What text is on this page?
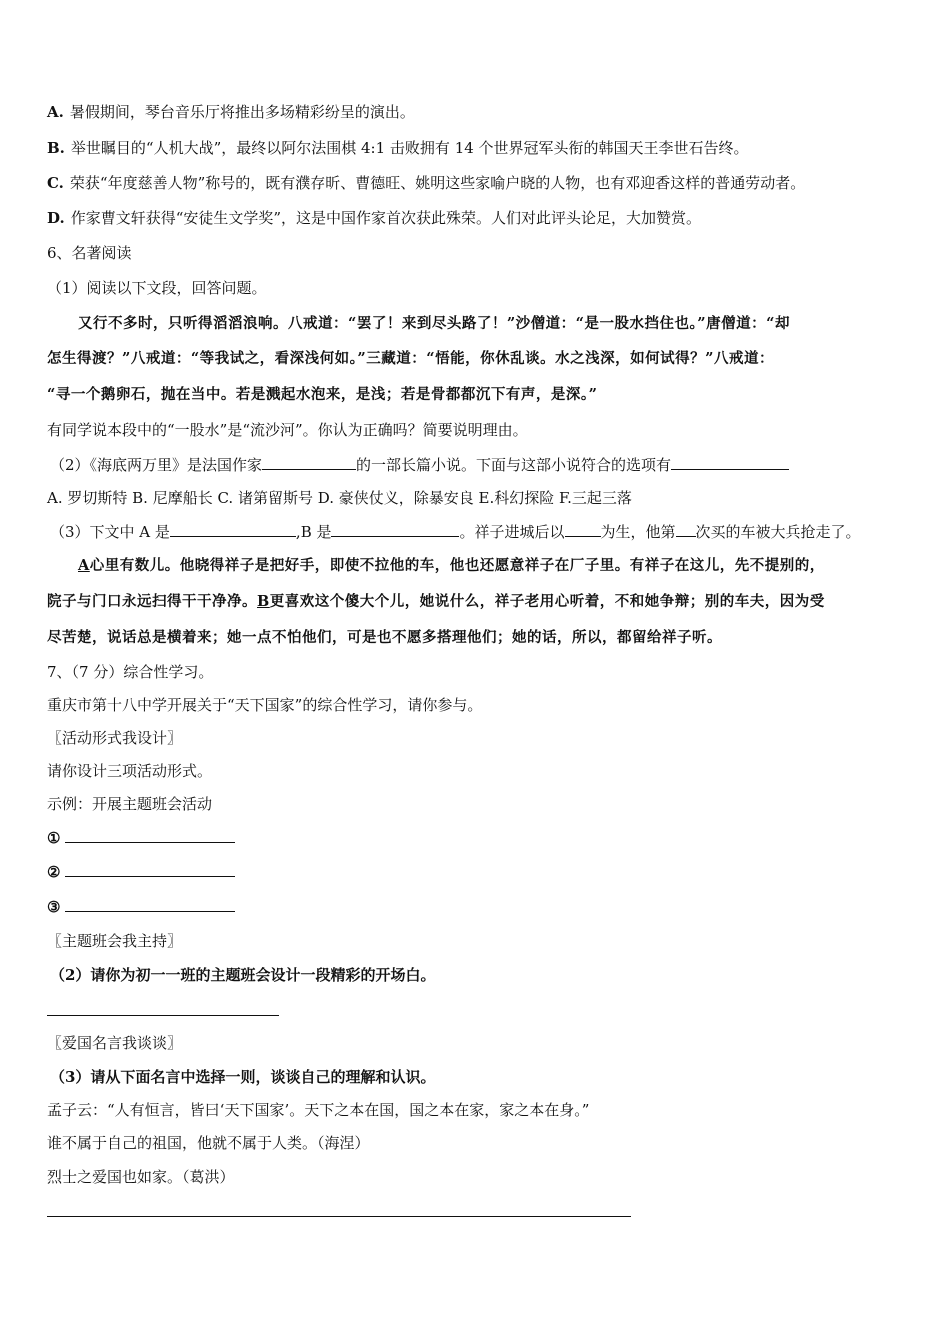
A. 暑假期间，琴台音乐厅将推出多场精彩纷呈的演出。
B. 举世瞩目的“人机大战”，最终以阿尔法围棋 4:1 击败拥有 14 个世界冠军头衔的韩国天王李世石告终。
C. 荣获“年度慈善人物”称号的，既有濮存昕、曹德旺、姚明这些家喻户晓的人物，也有邓迎香这样的普通劳动者。
D. 作家曹文轩获得“安徒生文学奖”，这是中国作家首次获此殊荣。人们对此评头论足，大加赞赏。
6、名著阅读
（1）阅读以下文段，回答问题。
又行不多时，只听得滔滔浪响。八戒道：“罢了！来到尽头路了！”沙僧道：“是一股水挡住也。”唐僧道：“却
怎生得渡？”八戒道：“等我试之，看深浅何如。”三藏道：“悟能，你休乱谈。水之浅深，如何试得？”八戒道：
“寻一个鹅卵石，抛在当中。若是溅起水泡来，是浅；若是骨都都沉下有声，是深。”
有同学说本段中的“一股水”是“流沙河”。你认为正确吗？简要说明理由。
（2）《海底两万里》是法国作家	的一部长篇小说。下面与这部小说符合的选项有
A. 罗切斯特 B. 尼摩船长 C. 诸第留斯号 D. 豪侠仗义，除暴安良 E.科幻探险 F.三起三落
（3）下文中 A 是	,B 是	。祥子进城后以 为生，他第 次买的车被大兵抢走了。
A心里有数儿。他晓得祥子是把好手，即使不拉他的车，他也还愿意祥子在厂子里。有祥子在这儿，先不提别的，
院子与门口永远扫得干干净净。B更喜欢这个傻大个儿，她说什么，祥子老用心听着，不和她争辩；别的车夫，因为受
尽苦楚，说话总是横着来；她一点不怕他们，可是也不愿多搭理他们；她的话，所以，都留给祥子听。
7、（7 分）综合性学习。
重庆市第十八中学开展关于“天下国家”的综合性学习，请你参与。
〖活动形式我设计〗
请你设计三项活动形式。
示例：开展主题班会活动
①
②
③
〖主题班会我主持〗
（2）请你为初一一班的主题班会设计一段精彩的开场白。
〖爱国名言我谈谈〗
（3）请从下面名言中选择一则，谈谈自己的理解和认识。
孟子云：“人有恒言，皆曰‘天下国家’。天下之本在国，国之本在家，家之本在身。”
谁不属于自己的祖国，他就不属于人类。（海涅）
烈士之爱国也如家。（葛洪）
